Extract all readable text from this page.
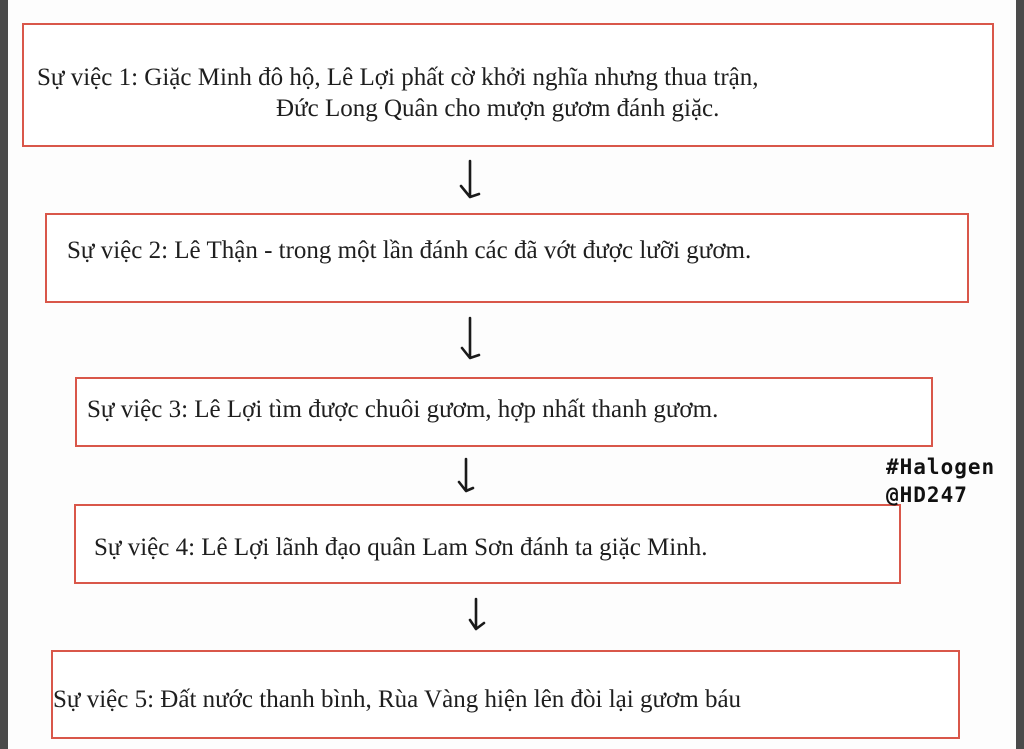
Sự việc 1: Giặc Minh đô hộ, Lê Lợi phất cờ khởi nghĩa nhưng thua trận,
Đức Long Quân cho mượn gươm đánh giặc.
Sự việc 2: Lê Thận - trong một lần đánh các đã vớt được lưỡi gươm.
Sự việc 3: Lê Lợi tìm được chuôi gươm, hợp nhất thanh gươm.
Sự việc 4: Lê Lợi lãnh đạo quân Lam Sơn đánh ta giặc Minh.
Sự việc 5: Đất nước thanh bình, Rùa Vàng hiện lên đòi lại gươm báu
#Halogen
@HD247
